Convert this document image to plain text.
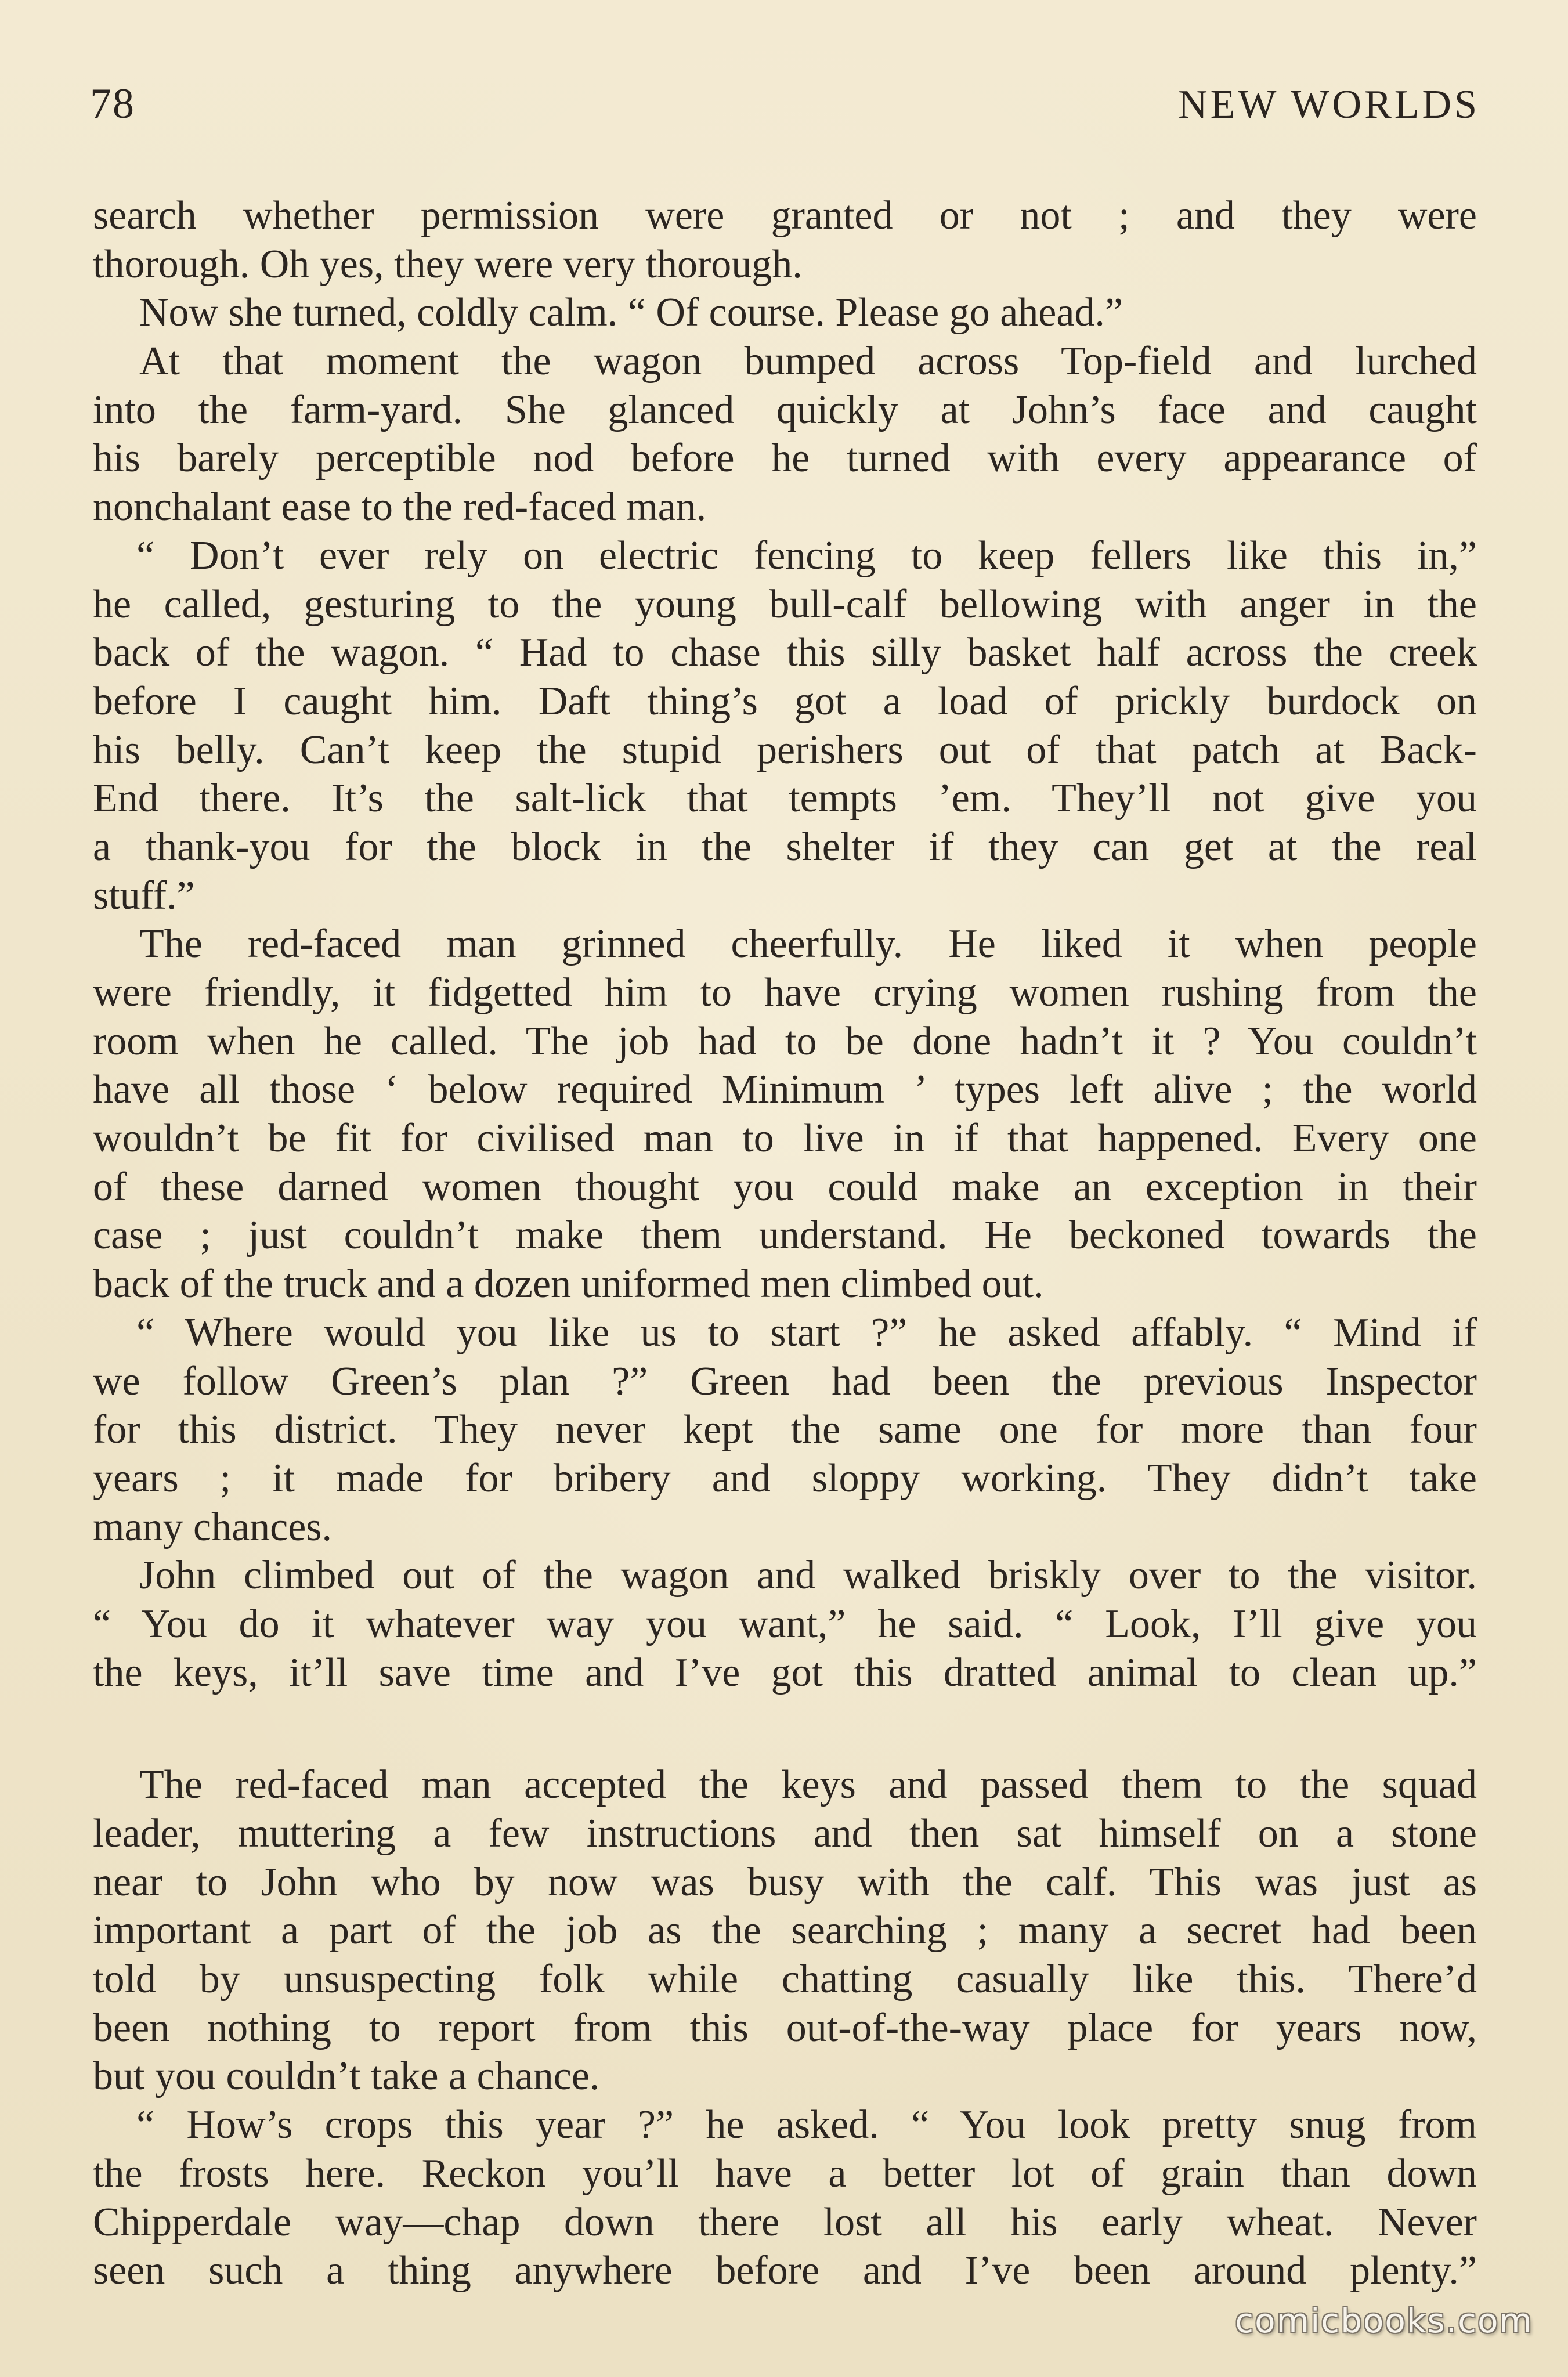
78	NEW WORLDS
search whether permission were granted or not ; and they were
thorough. Oh yes, they were very thorough.
Now she turned, coldly calm. “ Of course. Please go ahead.”
At that moment the wagon bumped across Top-field and lurched
into the farm-yard. She glanced quickly at John’s face and caught
his barely perceptible nod before he turned with every appearance of
nonchalant ease to the red-faced man.
“ Don’t ever rely on electric fencing to keep fellers like this in,”
he called, gesturing to the young bull-calf bellowing with anger in the
back of the wagon. “ Had to chase this silly basket half across the creek
before I caught him. Daft thing’s got a load of prickly burdock on
his belly. Can’t keep the stupid perishers out of that patch at Back-
End there. It’s the salt-lick that tempts ’em. They’ll not give you
a thank-you for the block in the shelter if they can get at the real
stuff.”
The red-faced man grinned cheerfully. He liked it when people
were friendly, it fidgetted him to have crying women rushing from the
room when he called. The job had to be done hadn’t it ? You couldn’t
have all those ‘ below required Minimum ’ types left alive ; the world
wouldn’t be fit for civilised man to live in if that happened. Every one
of these darned women thought you could make an exception in their
case ; just couldn’t make them understand. He beckoned towards the
back of the truck and a dozen uniformed men climbed out.
“ Where would you like us to start ?” he asked affably. “ Mind if
we follow Green’s plan ?” Green had been the previous Inspector
for this district. They never kept the same one for more than four
years ; it made for bribery and sloppy working. They didn’t take
many chances.
John climbed out of the wagon and walked briskly over to the visitor.
“ You do it whatever way you want,” he said. “ Look, I’ll give you
the keys, it’ll save time and I’ve got this dratted animal to clean up.”
The red-faced man accepted the keys and passed them to the squad
leader, muttering a few instructions and then sat himself on a stone
near to John who by now was busy with the calf. This was just as
important a part of the job as the searching ; many a secret had been
told by unsuspecting folk while chatting casually like this. There’d
been nothing to report from this out-of-the-way place for years now,
but you couldn’t take a chance.
“ How’s crops this year ?” he asked. “ You look pretty snug from
the frosts here. Reckon you’ll have a better lot of grain than down
Chipperdale way—chap down there lost all his early wheat. Never
seen such a thing anywhere before and I’ve been around plenty.”
comicbooks.com
